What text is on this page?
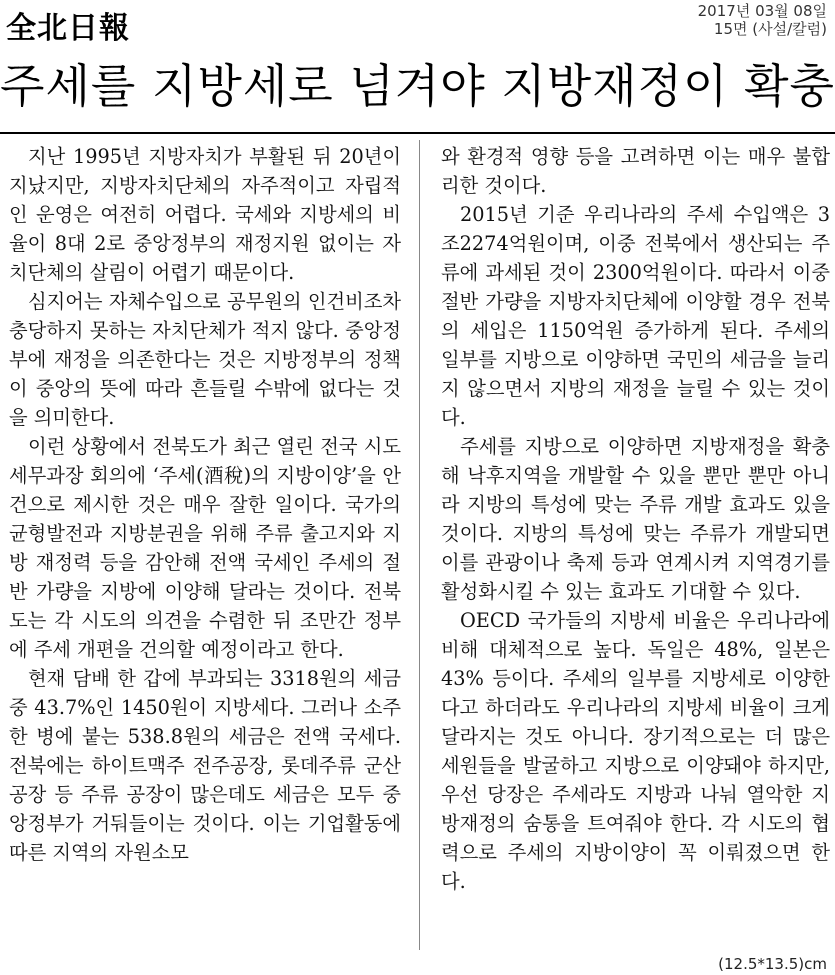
全北日報	2017년 03월 08일
15면 (사설/칼럼)
주세를 지방세로 넘겨야 지방재정이 확충

지난 1995년 지방자치가 부활된 뒤 20년이 지났지만, 지방자치단체의 자주적이고 자립적인 운영은 여전히 어렵다. 국세와 지방세의 비율이 8대 2로 중앙정부의 재정지원 없이는 자치단체의 살림이 어렵기 때문이다.

심지어는 자체수입으로 공무원의 인건비조차 충당하지 못하는 자치단체가 적지 않다. 중앙정부에 재정을 의존한다는 것은 지방정부의 정책이 중앙의 뜻에 따라 흔들릴 수밖에 없다는 것을 의미한다.

이런 상황에서 전북도가 최근 열린 전국 시도 세무과장 회의에 ‘주세(酒稅)의 지방이양’을 안건으로 제시한 것은 매우 잘한 일이다. 국가의 균형발전과 지방분권을 위해 주류 출고지와 지방 재정력 등을 감안해 전액 국세인 주세의 절반 가량을 지방에 이양해 달라는 것이다. 전북도는 각 시도의 의견을 수렴한 뒤 조만간 정부에 주세 개편을 건의할 예정이라고 한다.

현재 담배 한 갑에 부과되는 3318원의 세금 중 43.7%인 1450원이 지방세다. 그러나 소주 한 병에 붙는 538.8원의 세금은 전액 국세다. 전북에는 하이트맥주 전주공장, 롯데주류 군산공장 등 주류 공장이 많은데도 세금은 모두 중앙정부가 거둬들이는 것이다. 이는 기업활동에 따른 지역의 자원소모

와 환경적 영향 등을 고려하면 이는 매우 불합리한 것이다.

2015년 기준 우리나라의 주세 수입액은 3조2274억원이며, 이중 전북에서 생산되는 주류에 과세된 것이 2300억원이다. 따라서 이중 절반 가량을 지방자치단체에 이양할 경우 전북의 세입은 1150억원 증가하게 된다. 주세의 일부를 지방으로 이양하면 국민의 세금을 늘리지 않으면서 지방의 재정을 늘릴 수 있는 것이다.

주세를 지방으로 이양하면 지방재정을 확충해 낙후지역을 개발할 수 있을 뿐만 뿐만 아니라 지방의 특성에 맞는 주류 개발 효과도 있을 것이다. 지방의 특성에 맞는 주류가 개발되면 이를 관광이나 축제 등과 연계시켜 지역경기를 활성화시킬 수 있는 효과도 기대할 수 있다.

OECD 국가들의 지방세 비율은 우리나라에 비해 대체적으로 높다. 독일은 48%, 일본은 43% 등이다. 주세의 일부를 지방세로 이양한다고 하더라도 우리나라의 지방세 비율이 크게 달라지는 것도 아니다. 장기적으로는 더 많은 세원들을 발굴하고 지방으로 이양돼야 하지만, 우선 당장은 주세라도 지방과 나눠 열악한 지방재정의 숨통을 트여줘야 한다. 각 시도의 협력으로 주세의 지방이양이 꼭 이뤄졌으면 한다.

(12.5*13.5)cm
